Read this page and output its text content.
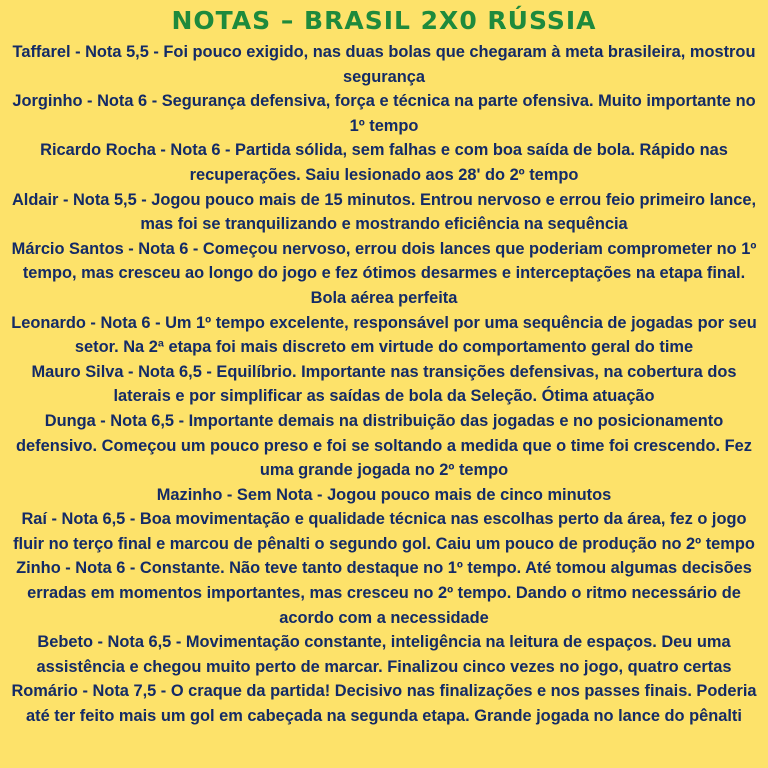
NOTAS – BRASIL 2X0 RÚSSIA
Taffarel - Nota 5,5 - Foi pouco exigido, nas duas bolas que chegaram à meta brasileira, mostrou segurança
Jorginho - Nota 6 - Segurança defensiva, força e técnica na parte ofensiva. Muito importante no 1º tempo
Ricardo Rocha - Nota 6 - Partida sólida, sem falhas e com boa saída de bola. Rápido nas recuperações. Saiu lesionado aos 28' do 2º tempo
Aldair - Nota 5,5 - Jogou pouco mais de 15 minutos. Entrou nervoso e errou feio primeiro lance, mas foi se tranquilizando e mostrando eficiência na sequência
Márcio Santos - Nota 6 - Começou nervoso, errou dois lances que poderiam comprometer no 1º tempo, mas cresceu ao longo do jogo e fez ótimos desarmes e interceptações na etapa final. Bola aérea perfeita
Leonardo - Nota 6 - Um 1º tempo excelente, responsável por uma sequência de jogadas por seu setor. Na 2ª etapa foi mais discreto em virtude do comportamento geral do time
Mauro Silva - Nota 6,5 - Equilíbrio. Importante nas transições defensivas, na cobertura dos laterais e por simplificar as saídas de bola da Seleção. Ótima atuação
Dunga - Nota 6,5 - Importante demais na distribuição das jogadas e no posicionamento defensivo. Começou um pouco preso e foi se soltando a medida que o time foi crescendo. Fez uma grande jogada no 2º tempo
Mazinho - Sem Nota - Jogou pouco mais de cinco minutos
Raí - Nota 6,5 - Boa movimentação e qualidade técnica nas escolhas perto da área, fez o jogo fluir no terço final e marcou de pênalti o segundo gol. Caiu um pouco de produção no 2º tempo
Zinho - Nota 6 - Constante. Não teve tanto destaque no 1º tempo. Até tomou algumas decisões erradas em momentos importantes, mas cresceu no 2º tempo. Dando o ritmo necessário de acordo com a necessidade
Bebeto - Nota 6,5 - Movimentação constante, inteligência na leitura de espaços. Deu uma assistência e chegou muito perto de marcar. Finalizou cinco vezes no jogo, quatro certas
Romário - Nota 7,5 - O craque da partida! Decisivo nas finalizações e nos passes finais. Poderia até ter feito mais um gol em cabeçada na segunda etapa. Grande jogada no lance do pênalti
